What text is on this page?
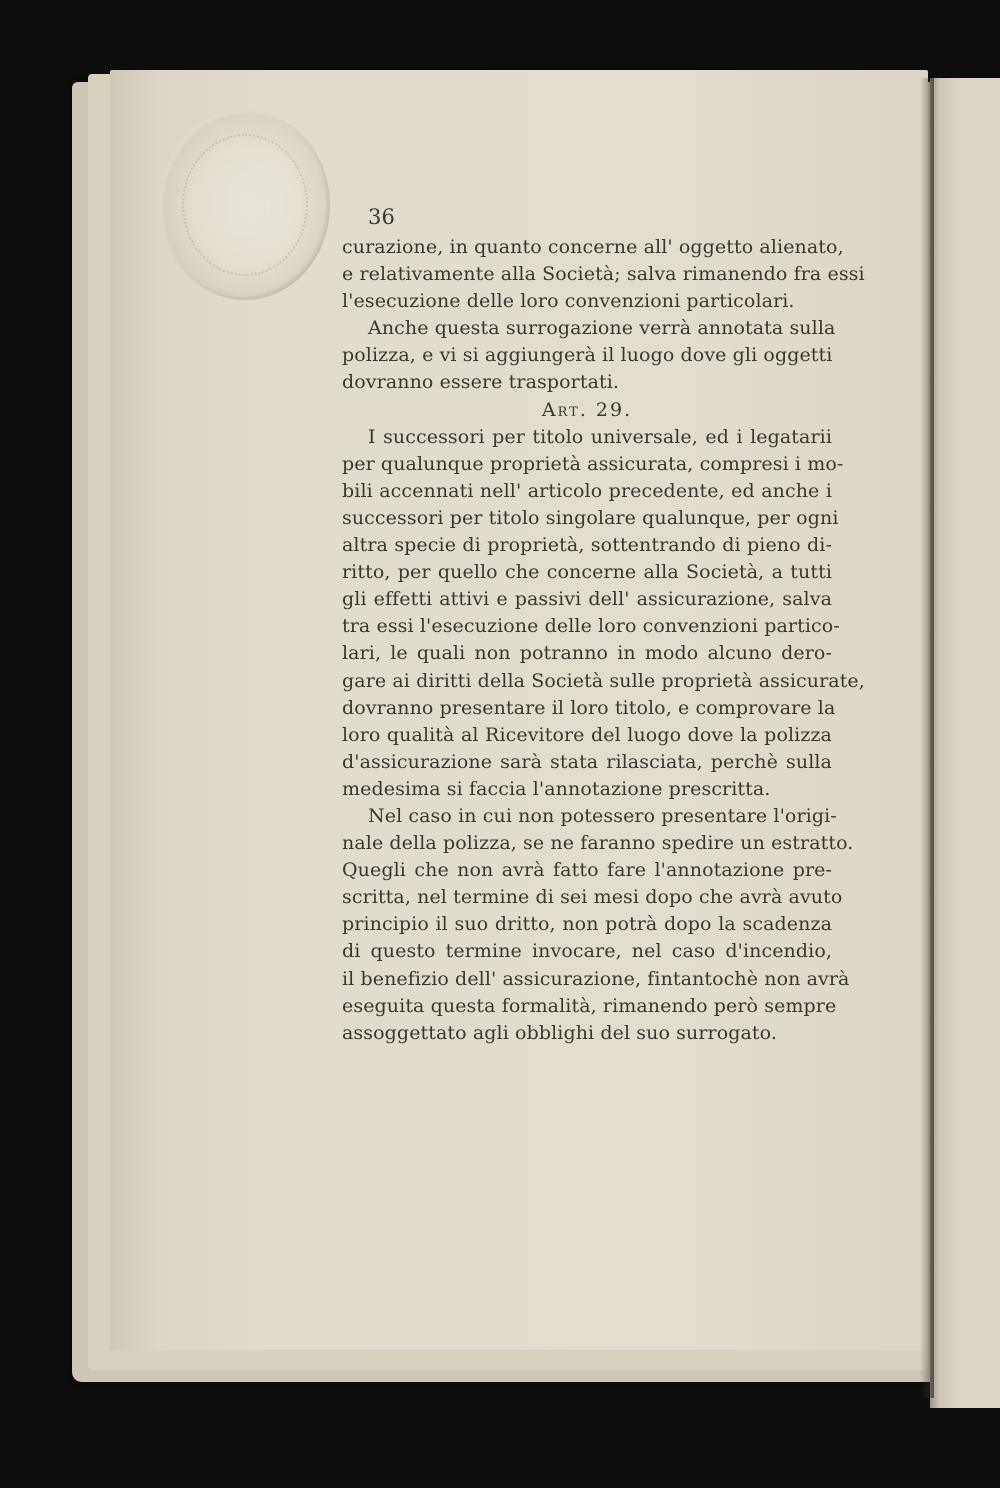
36
curazione, in quanto concerne all' oggetto alienato,
e relativamente alla Società; salva rimanendo fra essi
l'esecuzione delle loro convenzioni particolari.
Anche questa surrogazione verrà annotata sulla
polizza, e vi si aggiungerà il luogo dove gli oggetti
dovranno essere trasportati.
Art. 29.
I successori per titolo universale, ed i legatarii
per qualunque proprietà assicurata, compresi i mo-
bili accennati nell' articolo precedente, ed anche i
successori per titolo singolare qualunque, per ogni
altra specie di proprietà, sottentrando di pieno di-
ritto, per quello che concerne alla Società, a tutti
gli effetti attivi e passivi dell' assicurazione, salva
tra essi l'esecuzione delle loro convenzioni partico-
lari, le quali non potranno in modo alcuno dero-
gare ai diritti della Società sulle proprietà assicurate,
dovranno presentare il loro titolo, e comprovare la
loro qualità al Ricevitore del luogo dove la polizza
d'assicurazione sarà stata rilasciata, perchè sulla
medesima si faccia l'annotazione prescritta.
Nel caso in cui non potessero presentare l'origi-
nale della polizza, se ne faranno spedire un estratto.
Quegli che non avrà fatto fare l'annotazione pre-
scritta, nel termine di sei mesi dopo che avrà avuto
principio il suo dritto, non potrà dopo la scadenza
di questo termine invocare, nel caso d'incendio,
il benefizio dell' assicurazione, fintantochè non avrà
eseguita questa formalità, rimanendo però sempre
assoggettato agli obblighi del suo surrogato.
